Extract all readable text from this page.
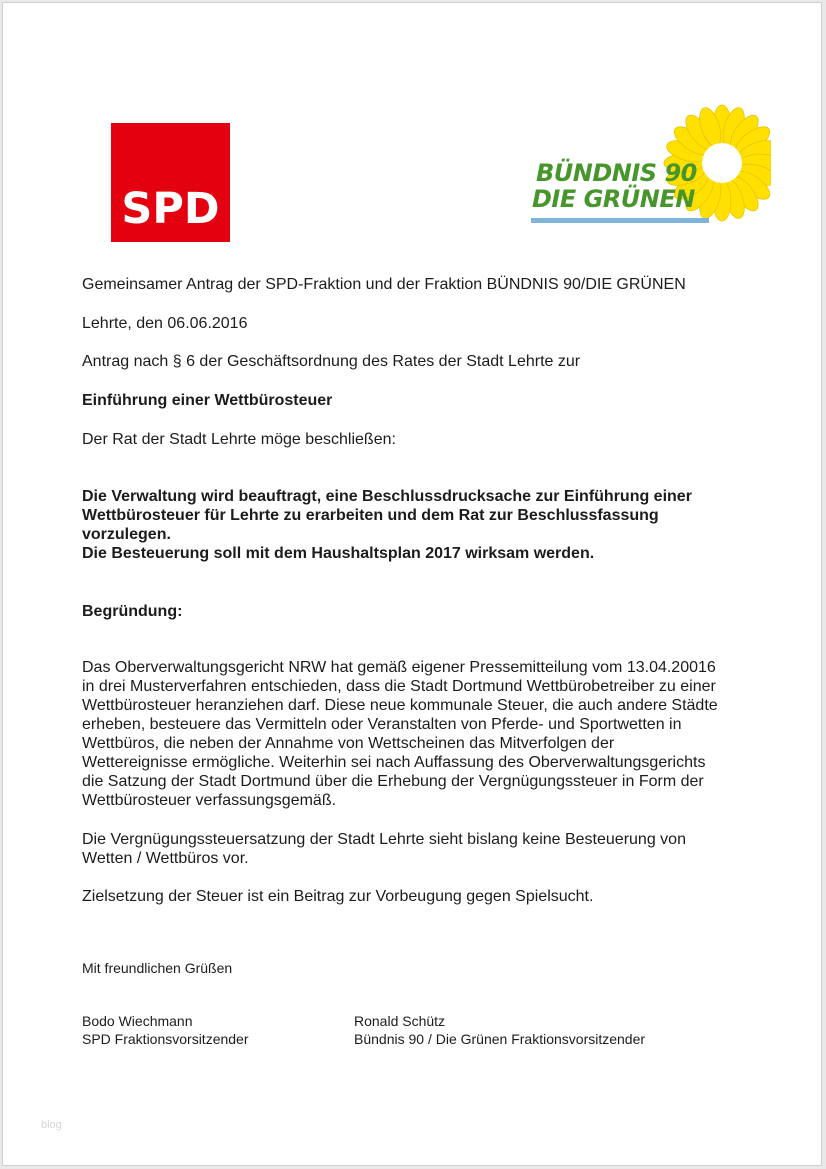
SPD
BÜNDNIS 90
DIE GRÜNEN
Gemeinsamer Antrag der SPD-Fraktion und der Fraktion BÜNDNIS 90/DIE GRÜNEN
Lehrte, den 06.06.2016
Antrag nach § 6 der Geschäftsordnung des Rates der Stadt Lehrte zur
Einführung einer Wettbürosteuer
Der Rat der Stadt Lehrte möge beschließen:
Die Verwaltung wird beauftragt, eine Beschlussdrucksache zur Einführung einer
Wettbürosteuer für Lehrte zu erarbeiten und dem Rat zur Beschlussfassung
vorzulegen.
Die Besteuerung soll mit dem Haushaltsplan 2017 wirksam werden.
Begründung:
Das Oberverwaltungsgericht NRW hat gemäß eigener Pressemitteilung vom 13.04.20016
in drei Musterverfahren entschieden, dass die Stadt Dortmund Wettbürobetreiber zu einer
Wettbürosteuer heranziehen darf. Diese neue kommunale Steuer, die auch andere Städte
erheben, besteuere das Vermitteln oder Veranstalten von Pferde- und Sportwetten in
Wettbüros, die neben der Annahme von Wettscheinen das Mitverfolgen der
Wettereignisse ermögliche. Weiterhin sei nach Auffassung des Oberverwaltungsgerichts
die Satzung der Stadt Dortmund über die Erhebung der Vergnügungssteuer in Form der
Wettbürosteuer verfassungsgemäß.
Die Vergnügungssteuersatzung der Stadt Lehrte sieht bislang keine Besteuerung von
Wetten / Wettbüros vor.
Zielsetzung der Steuer ist ein Beitrag zur Vorbeugung gegen Spielsucht.
Mit freundlichen Grüßen
Bodo Wiechmann
SPD Fraktionsvorsitzender
Ronald Schütz
Bündnis 90 / Die Grünen Fraktionsvorsitzender
blog
